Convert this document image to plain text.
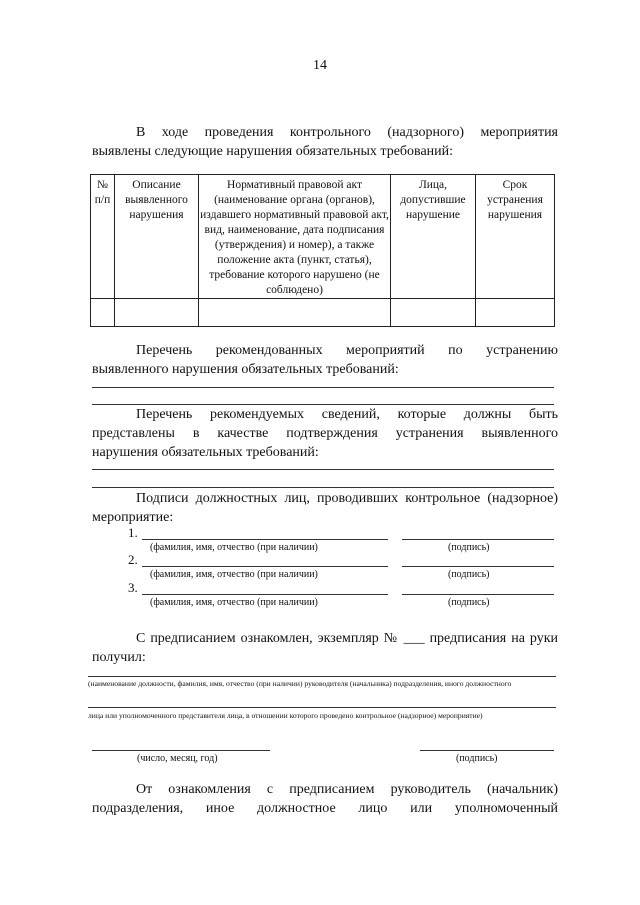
14
В ходе проведения контрольного (надзорного) мероприятия
выявлены следующие нарушения обязательных требований:
№ п/п	Описание выявленного нарушения	Нормативный правовой акт (наименование органа (органов), издавшего нормативный правовой акт, вид, наименование, дата подписания (утверждения) и номер), а также положение акта (пункт, статья), требование которого нарушено (не соблюдено)	Лица, допустившие нарушение	Срок устранения нарушения

Перечень рекомендованных мероприятий по устранению
выявленного нарушения обязательных требований:
Перечень рекомендуемых сведений, которые должны быть
представлены в качестве подтверждения устранения выявленного
нарушения обязательных требований:
Подписи должностных лиц, проводивших контрольное (надзорное)
мероприятие:
1.
(фамилия, имя, отчество (при наличии)	(подпись)
2.
(фамилия, имя, отчество (при наличии)	(подпись)
3.
(фамилия, имя, отчество (при наличии)	(подпись)
С предписанием ознакомлен, экземпляр № ___ предписания на руки
получил:
(наименование должности, фамилия, имя, отчество (при наличии) руководителя (начальника) подразделения, иного должностного
лица или уполномоченного представителя лица, в отношении которого проведено контрольное (надзорное) мероприятие)
(число, месяц, год)	(подпись)
От ознакомления с предписанием руководитель (начальник)
подразделения, иное должностное лицо или уполномоченный
